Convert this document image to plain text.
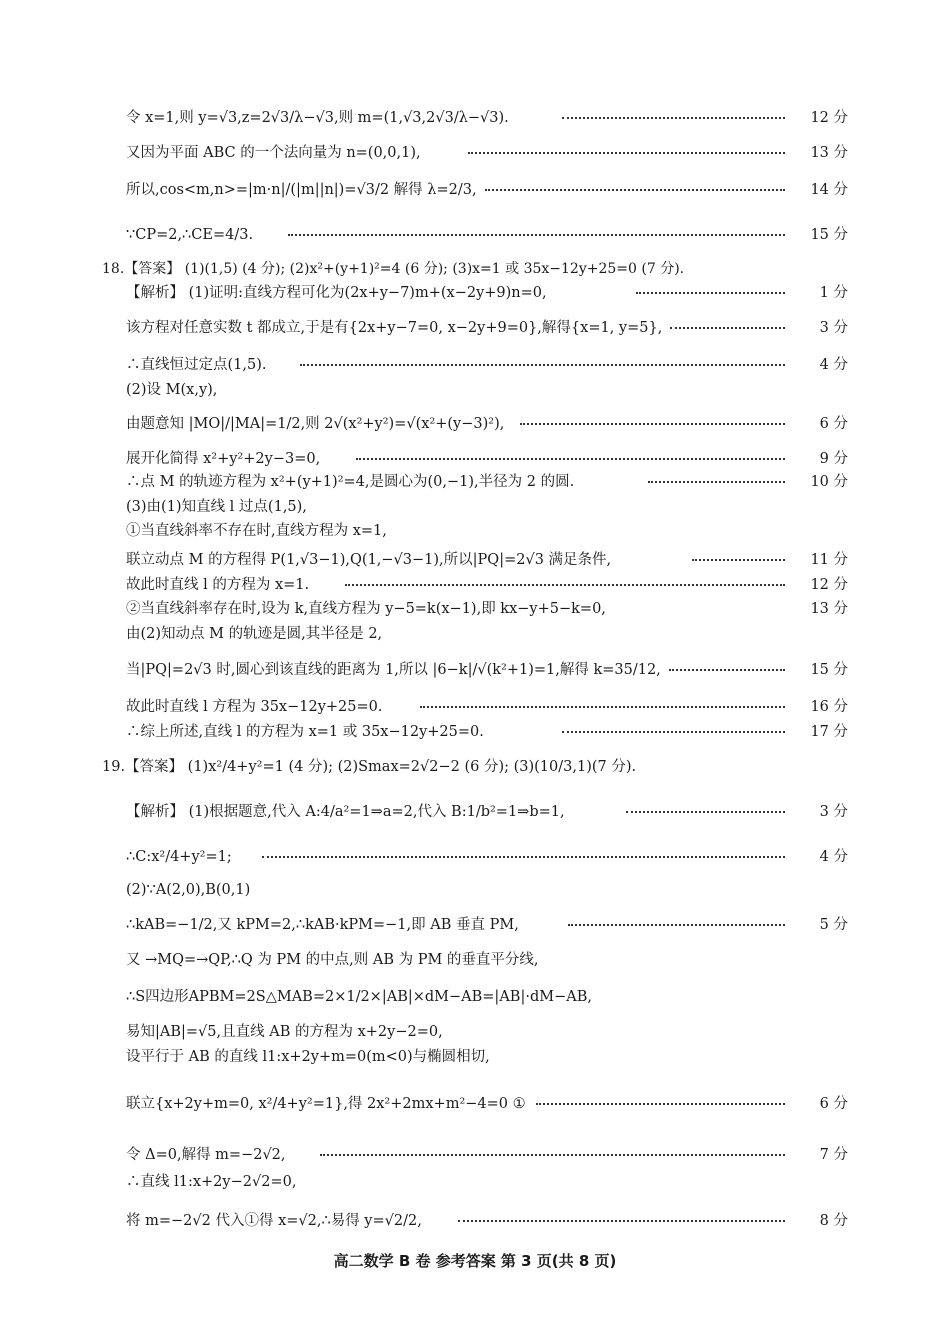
令 x=1,则 y=√3,z=2√3/λ−√3,则 m=(1,√3,2√3/λ−√3).	12 分
又因为平面 ABC 的一个法向量为 n=(0,0,1),	13 分
所以,cos<m,n>=|m·n|/(|m||n|)=√3/2 解得 λ=2/3,	14 分
∵CP=2,∴CE=4/3.	15 分
18.【答案】 (1)(1,5) (4 分); (2)x²+(y+1)²=4 (6 分); (3)x=1 或 35x−12y+25=0 (7 分).
【解析】 (1)证明:直线方程可化为(2x+y−7)m+(x−2y+9)n=0,	1 分
该方程对任意实数 t 都成立,于是有{2x+y−7=0, x−2y+9=0},解得{x=1, y=5},	3 分
∴直线恒过定点(1,5).	4 分
(2)设 M(x,y),
由题意知 |MO|/|MA|=1/2,则 2√(x²+y²)=√(x²+(y−3)²),	6 分
展开化简得 x²+y²+2y−3=0,	9 分
∴点 M 的轨迹方程为 x²+(y+1)²=4,是圆心为(0,−1),半径为 2 的圆.	10 分
(3)由(1)知直线 l 过点(1,5),
①当直线斜率不存在时,直线方程为 x=1,
联立动点 M 的方程得 P(1,√3−1),Q(1,−√3−1),所以|PQ|=2√3 满足条件,	11 分
故此时直线 l 的方程为 x=1.	12 分
②当直线斜率存在时,设为 k,直线方程为 y−5=k(x−1),即 kx−y+5−k=0,	13 分
由(2)知动点 M 的轨迹是圆,其半径是 2,
当|PQ|=2√3 时,圆心到该直线的距离为 1,所以 |6−k|/√(k²+1)=1,解得 k=35/12,	15 分
故此时直线 l 方程为 35x−12y+25=0.	16 分
∴综上所述,直线 l 的方程为 x=1 或 35x−12y+25=0.	17 分
19.【答案】 (1)x²/4+y²=1 (4 分); (2)Smax=2√2−2 (6 分); (3)(10/3,1)(7 分).
【解析】 (1)根据题意,代入 A:4/a²=1⇒a=2,代入 B:1/b²=1⇒b=1,	3 分
∴C:x²/4+y²=1;	4 分
(2)∵A(2,0),B(0,1)
∴kAB=−1/2,又 kPM=2,∴kAB·kPM=−1,即 AB 垂直 PM,	5 分
又 →MQ=→QP,∴Q 为 PM 的中点,则 AB 为 PM 的垂直平分线,
∴S四边形APBM=2S△MAB=2×1/2×|AB|×dM−AB=|AB|·dM−AB,
易知|AB|=√5,且直线 AB 的方程为 x+2y−2=0,
设平行于 AB 的直线 l1:x+2y+m=0(m<0)与椭圆相切,
联立{x+2y+m=0, x²/4+y²=1},得 2x²+2mx+m²−4=0 ①	6 分
令 Δ=0,解得 m=−2√2,	7 分
∴直线 l1:x+2y−2√2=0,
将 m=−2√2 代入①得 x=√2,∴易得 y=√2/2,	8 分
高二数学 B 卷 参考答案 第 3 页(共 8 页)
